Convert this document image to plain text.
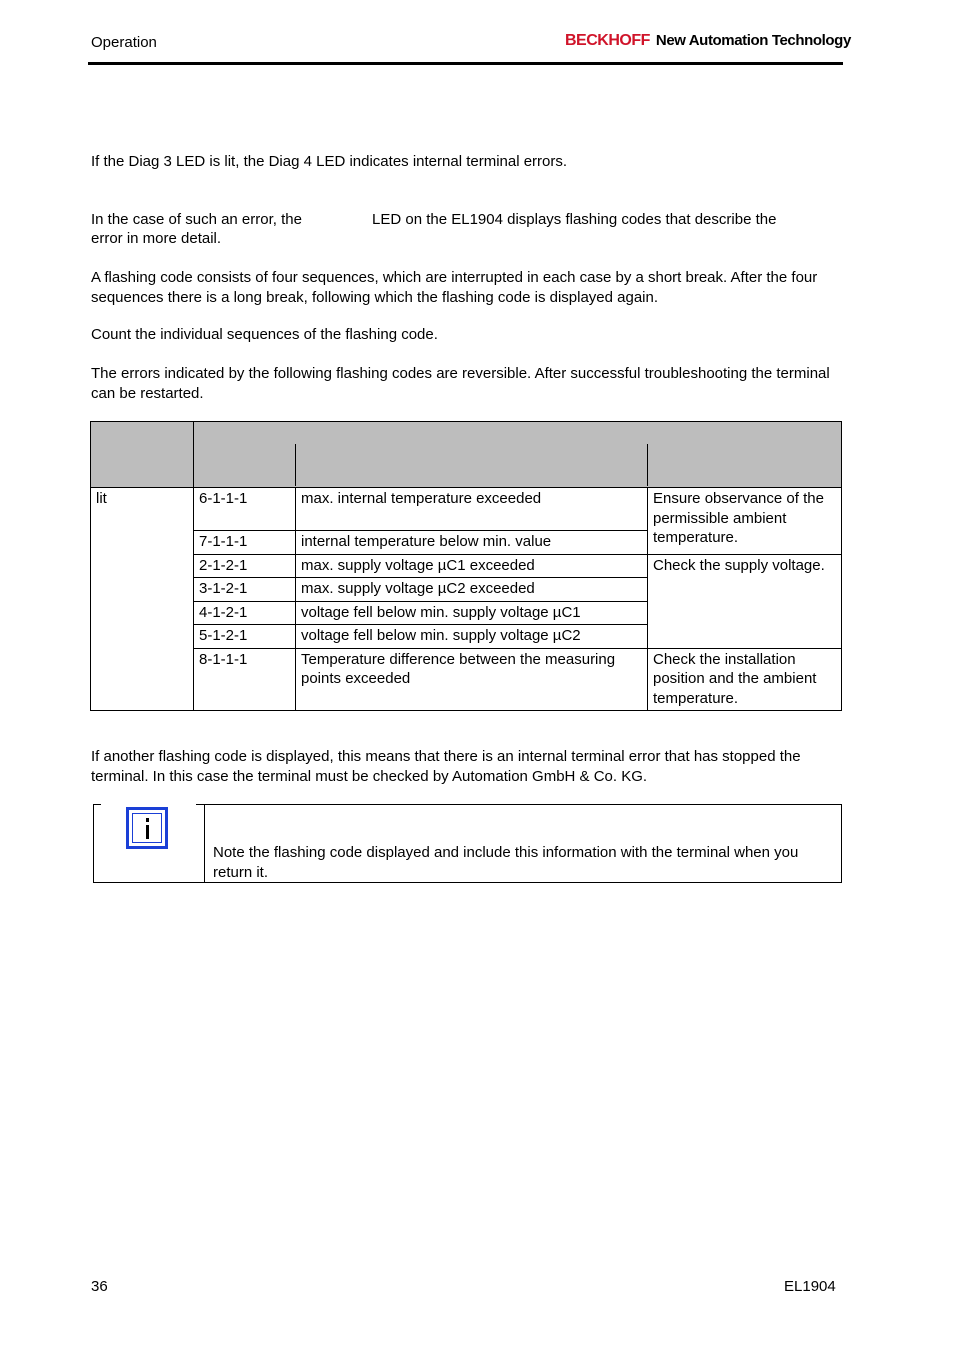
Operation	BECKHOFF New Automation Technology
If the Diag 3 LED is lit, the Diag 4 LED indicates internal terminal errors.
In the case of such an error, the	LED on the EL1904 displays flashing codes that describe the
error in more detail.
A flashing code consists of four sequences, which are interrupted in each case by a short break. After the four sequences there is a long break, following which the flashing code is displayed again.
Count the individual sequences of the flashing code.
The errors indicated by the following flashing codes are reversible. After successful troubleshooting the terminal can be restarted.

lit	6-1-1-1	max. internal temperature exceeded	Ensure observance of the permissible ambient temperature.
	7-1-1-1	internal temperature below min. value	
	2-1-2-1	max. supply voltage µC1 exceeded	Check the supply voltage.
	3-1-2-1	max. supply voltage µC2 exceeded	
	4-1-2-1	voltage fell below min. supply voltage µC1	
	5-1-2-1	voltage fell below min. supply voltage µC2	
	8-1-1-1	Temperature difference between the measuring points exceeded	Check the installation position and the ambient temperature.
If another flashing code is displayed, this means that there is an internal terminal error that has stopped the terminal. In this case the terminal must be checked by Automation GmbH & Co. KG.
Note the flashing code displayed and include this information with the terminal when you return it.
36	EL1904
